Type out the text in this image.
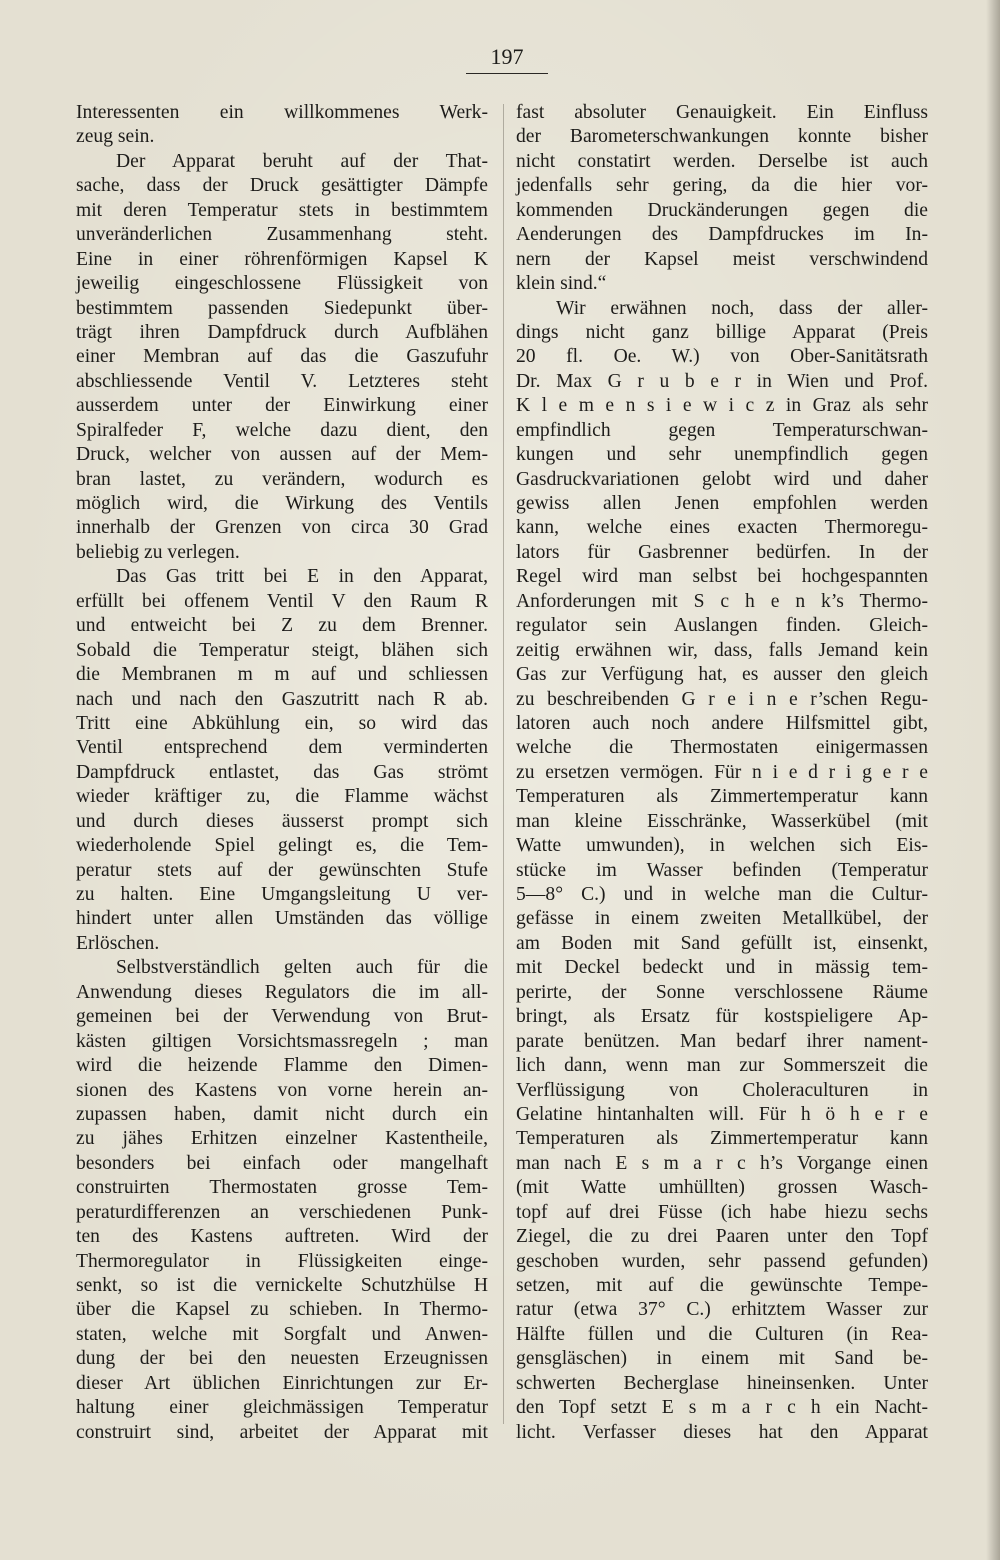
197
Interessenten ein willkommenes Werk-
zeug sein.
Der Apparat beruht auf der That-
sache, dass der Druck gesättigter Dämpfe
mit deren Temperatur stets in bestimmtem
unveränderlichen Zusammenhang steht.
Eine in einer röhrenförmigen Kapsel K
jeweilig eingeschlossene Flüssigkeit von
bestimmtem passenden Siedepunkt über-
trägt ihren Dampfdruck durch Aufblähen
einer Membran auf das die Gaszufuhr
abschliessende Ventil V. Letzteres steht
ausserdem unter der Einwirkung einer
Spiralfeder F, welche dazu dient, den
Druck, welcher von aussen auf der Mem-
bran lastet, zu verändern, wodurch es
möglich wird, die Wirkung des Ventils
innerhalb der Grenzen von circa 30 Grad
beliebig zu verlegen.
Das Gas tritt bei E in den Apparat,
erfüllt bei offenem Ventil V den Raum R
und entweicht bei Z zu dem Brenner.
Sobald die Temperatur steigt, blähen sich
die Membranen m m auf und schliessen
nach und nach den Gaszutritt nach R ab.
Tritt eine Abkühlung ein, so wird das
Ventil entsprechend dem verminderten
Dampfdruck entlastet, das Gas strömt
wieder kräftiger zu, die Flamme wächst
und durch dieses äusserst prompt sich
wiederholende Spiel gelingt es, die Tem-
peratur stets auf der gewünschten Stufe
zu halten. Eine Umgangsleitung U ver-
hindert unter allen Umständen das völlige
Erlöschen.
Selbstverständlich gelten auch für die
Anwendung dieses Regulators die im all-
gemeinen bei der Verwendung von Brut-
kästen giltigen Vorsichtsmassregeln ; man
wird die heizende Flamme den Dimen-
sionen des Kastens von vorne herein an-
zupassen haben, damit nicht durch ein
zu jähes Erhitzen einzelner Kastentheile,
besonders bei einfach oder mangelhaft
construirten Thermostaten grosse Tem-
peraturdifferenzen an verschiedenen Punk-
ten des Kastens auftreten. Wird der
Thermoregulator in Flüssigkeiten einge-
senkt, so ist die vernickelte Schutzhülse H
über die Kapsel zu schieben. In Thermo-
staten, welche mit Sorgfalt und Anwen-
dung der bei den neuesten Erzeugnissen
dieser Art üblichen Einrichtungen zur Er-
haltung einer gleichmässigen Temperatur
construirt sind, arbeitet der Apparat mit
fast absoluter Genauigkeit. Ein Einfluss
der Barometerschwankungen konnte bisher
nicht constatirt werden. Derselbe ist auch
jedenfalls sehr gering, da die hier vor-
kommenden Druckänderungen gegen die
Aenderungen des Dampfdruckes im In-
nern der Kapsel meist verschwindend
klein sind.“
Wir erwähnen noch, dass der aller-
dings nicht ganz billige Apparat (Preis
20 fl. Oe. W.) von Ober-Sanitätsrath
Dr. Max G r u b e r in Wien und Prof.
K l e m e n s i e w i c z in Graz als sehr
empfindlich gegen Temperaturschwan-
kungen und sehr unempfindlich gegen
Gasdruckvariationen gelobt wird und daher
gewiss allen Jenen empfohlen werden
kann, welche eines exacten Thermoregu-
lators für Gasbrenner bedürfen. In der
Regel wird man selbst bei hochgespannten
Anforderungen mit S c h e n k’s Thermo-
regulator sein Auslangen finden. Gleich-
zeitig erwähnen wir, dass, falls Jemand kein
Gas zur Verfügung hat, es ausser den gleich
zu beschreibenden G r e i n e r’schen Regu-
latoren auch noch andere Hilfsmittel gibt,
welche die Thermostaten einigermassen
zu ersetzen vermögen. Für n i e d r i g e r e
Temperaturen als Zimmertemperatur kann
man kleine Eisschränke, Wasserkübel (mit
Watte umwunden), in welchen sich Eis-
stücke im Wasser befinden (Temperatur
5—8° C.) und in welche man die Cultur-
gefässe in einem zweiten Metallkübel, der
am Boden mit Sand gefüllt ist, einsenkt,
mit Deckel bedeckt und in mässig tem-
perirte, der Sonne verschlossene Räume
bringt, als Ersatz für kostspieligere Ap-
parate benützen. Man bedarf ihrer nament-
lich dann, wenn man zur Sommerszeit die
Verflüssigung von Choleraculturen in
Gelatine hintanhalten will. Für h ö h e r e
Temperaturen als Zimmertemperatur kann
man nach E s m a r c h’s Vorgange einen
(mit Watte umhüllten) grossen Wasch-
topf auf drei Füsse (ich habe hiezu sechs
Ziegel, die zu drei Paaren unter den Topf
geschoben wurden, sehr passend gefunden)
setzen, mit auf die gewünschte Tempe-
ratur (etwa 37° C.) erhitztem Wasser zur
Hälfte füllen und die Culturen (in Rea-
gensgläschen) in einem mit Sand be-
schwerten Becherglase hineinsenken. Unter
den Topf setzt E s m a r c h ein Nacht-
licht. Verfasser dieses hat den Apparat
